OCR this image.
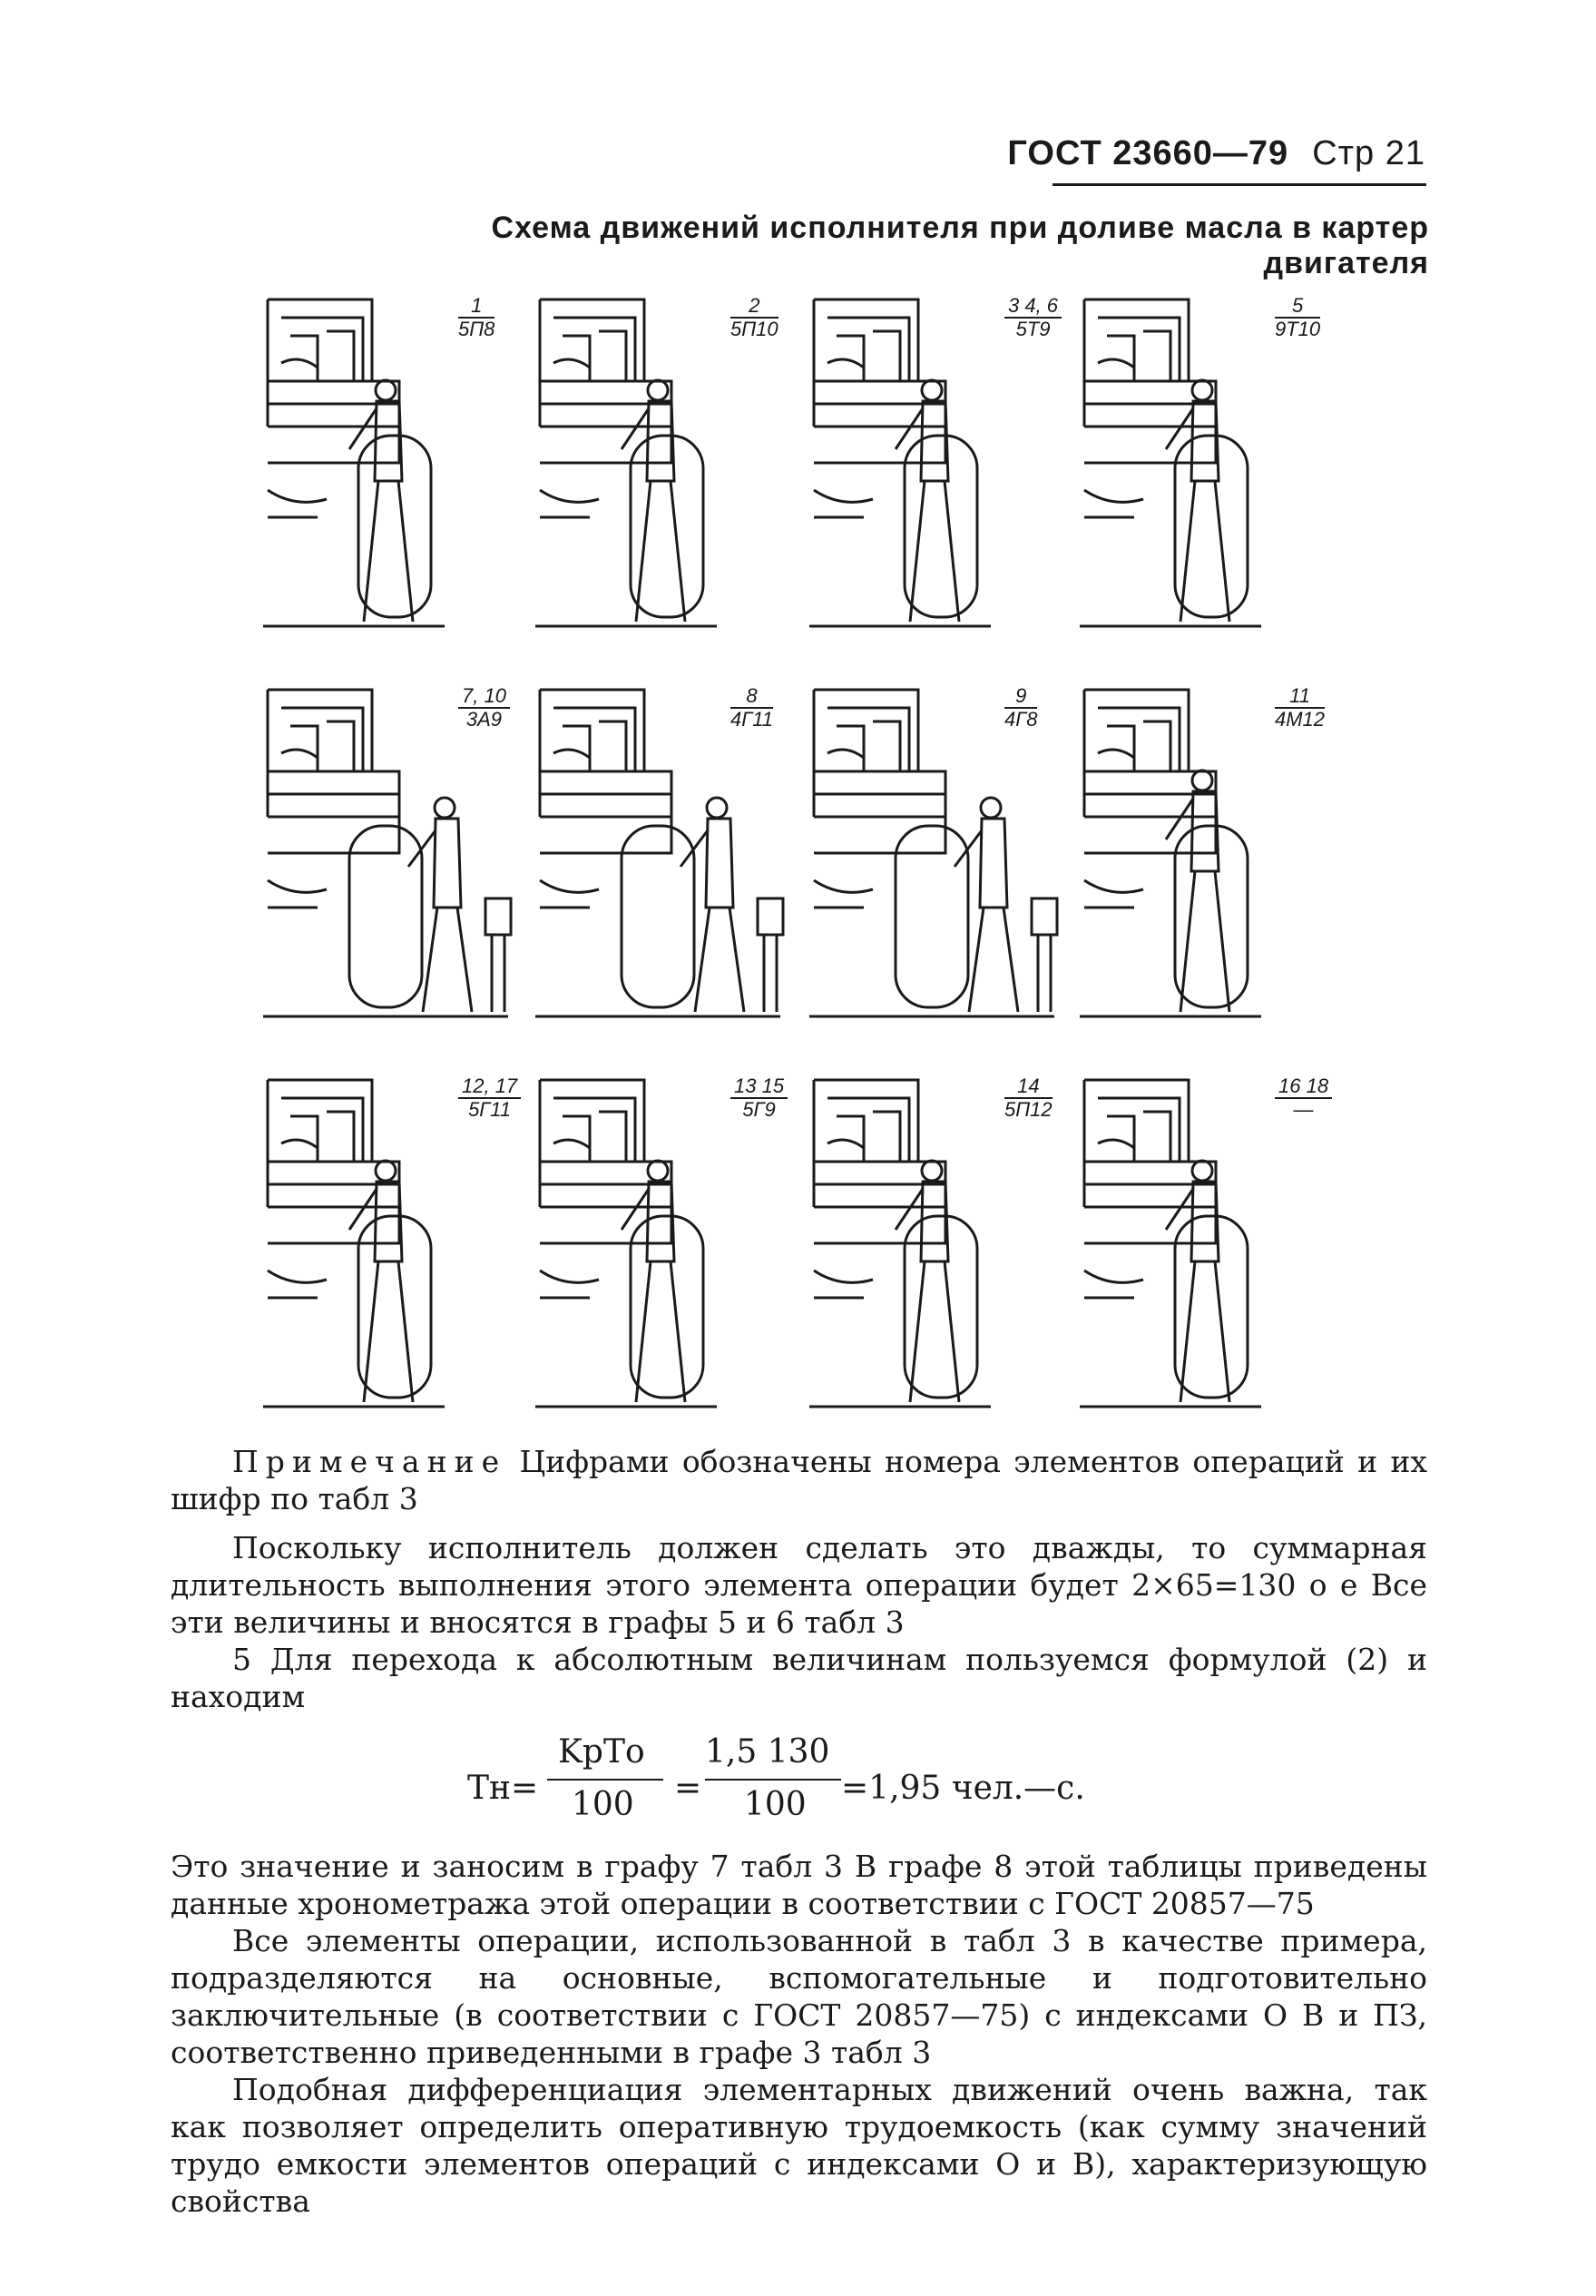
ГОСТ 23660—79 Стр 21
Схема движений исполнителя при доливе масла в картер двигателя
1
5П8
2
5П10
3 4, 6
5Т9
5
9Т10
7, 10
3А9
8
4Г11
9
4Г8
11
4М12
12, 17
5Г11
13 15
5Г9
14
5П12
16 18
—

Примечание Цифрами обозначены номера элементов операций и их шифр по табл 3

Поскольку исполнитель должен сделать это дважды, то суммарная длительность выполнения этого элемента операции будет 2×65=130 о е Все эти величины и вносятся в графы 5 и 6 табл 3

5 Для перехода к абсолютным величинам пользуемся формулой (2) и находим

Тн=
KрTо
100 =
1,5 130
100 =1,95 чел.—с.

Это значение и заносим в графу 7 табл 3 В графе 8 этой таблицы приведены данные хронометража этой операции в соответствии с ГОСТ 20857—75

Все элементы операции, использованной в табл 3 в качестве примера, подразделяются на основные, вспомогательные и подготовительно заключительные (в соответствии с ГОСТ 20857—75) с индексами О В и ПЗ, соответственно приведенными в графе 3 табл 3

Подобная дифференциация элементарных движений очень важна, так как позволяет определить оперативную трудоемкость (как сумму значений трудо емкости элементов операций с индексами О и В), характеризующую свойства
